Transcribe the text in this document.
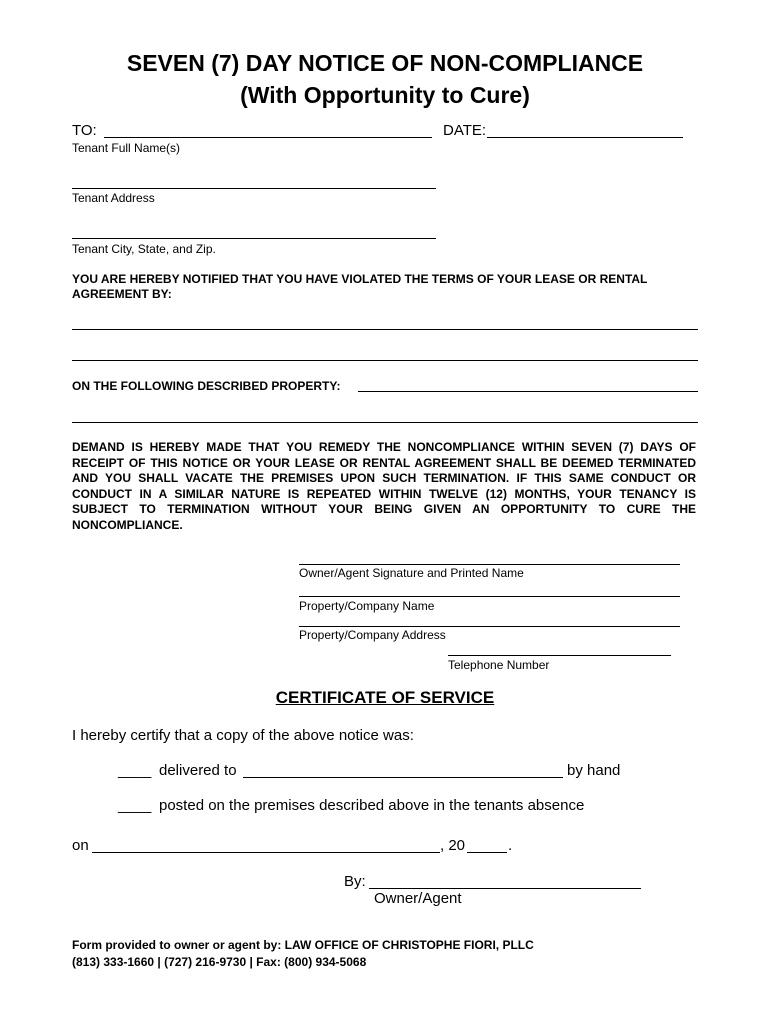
SEVEN (7) DAY NOTICE OF NON-COMPLIANCE
(With Opportunity to Cure)
TO:	DATE:
Tenant Full Name(s)
Tenant Address
Tenant City, State, and Zip.
YOU ARE HEREBY NOTIFIED THAT YOU HAVE VIOLATED THE TERMS OF YOUR LEASE OR RENTAL
AGREEMENT BY:
ON THE FOLLOWING DESCRIBED PROPERTY:
DEMAND IS HEREBY MADE THAT YOU REMEDY THE NONCOMPLIANCE WITHIN SEVEN (7) DAYS OF RECEIPT OF THIS NOTICE OR YOUR LEASE OR RENTAL AGREEMENT SHALL BE DEEMED TERMINATED AND YOU SHALL VACATE THE PREMISES UPON SUCH TERMINATION. IF THIS SAME CONDUCT OR CONDUCT IN A SIMILAR NATURE IS REPEATED WITHIN TWELVE (12) MONTHS, YOUR TENANCY IS SUBJECT TO TERMINATION WITHOUT YOUR BEING GIVEN AN OPPORTUNITY TO CURE THE NONCOMPLIANCE.
Owner/Agent Signature and Printed Name
Property/Company Name
Property/Company Address
Telephone Number
CERTIFICATE OF SERVICE
I hereby certify that a copy of the above notice was:
____ delivered to	by hand
____ posted on the premises described above in the tenants absence
on	, 20	.
By:
Owner/Agent
Form provided to owner or agent by: LAW OFFICE OF CHRISTOPHE FIORI, PLLC
(813) 333-1660 | (727) 216-9730 | Fax: (800) 934-5068
